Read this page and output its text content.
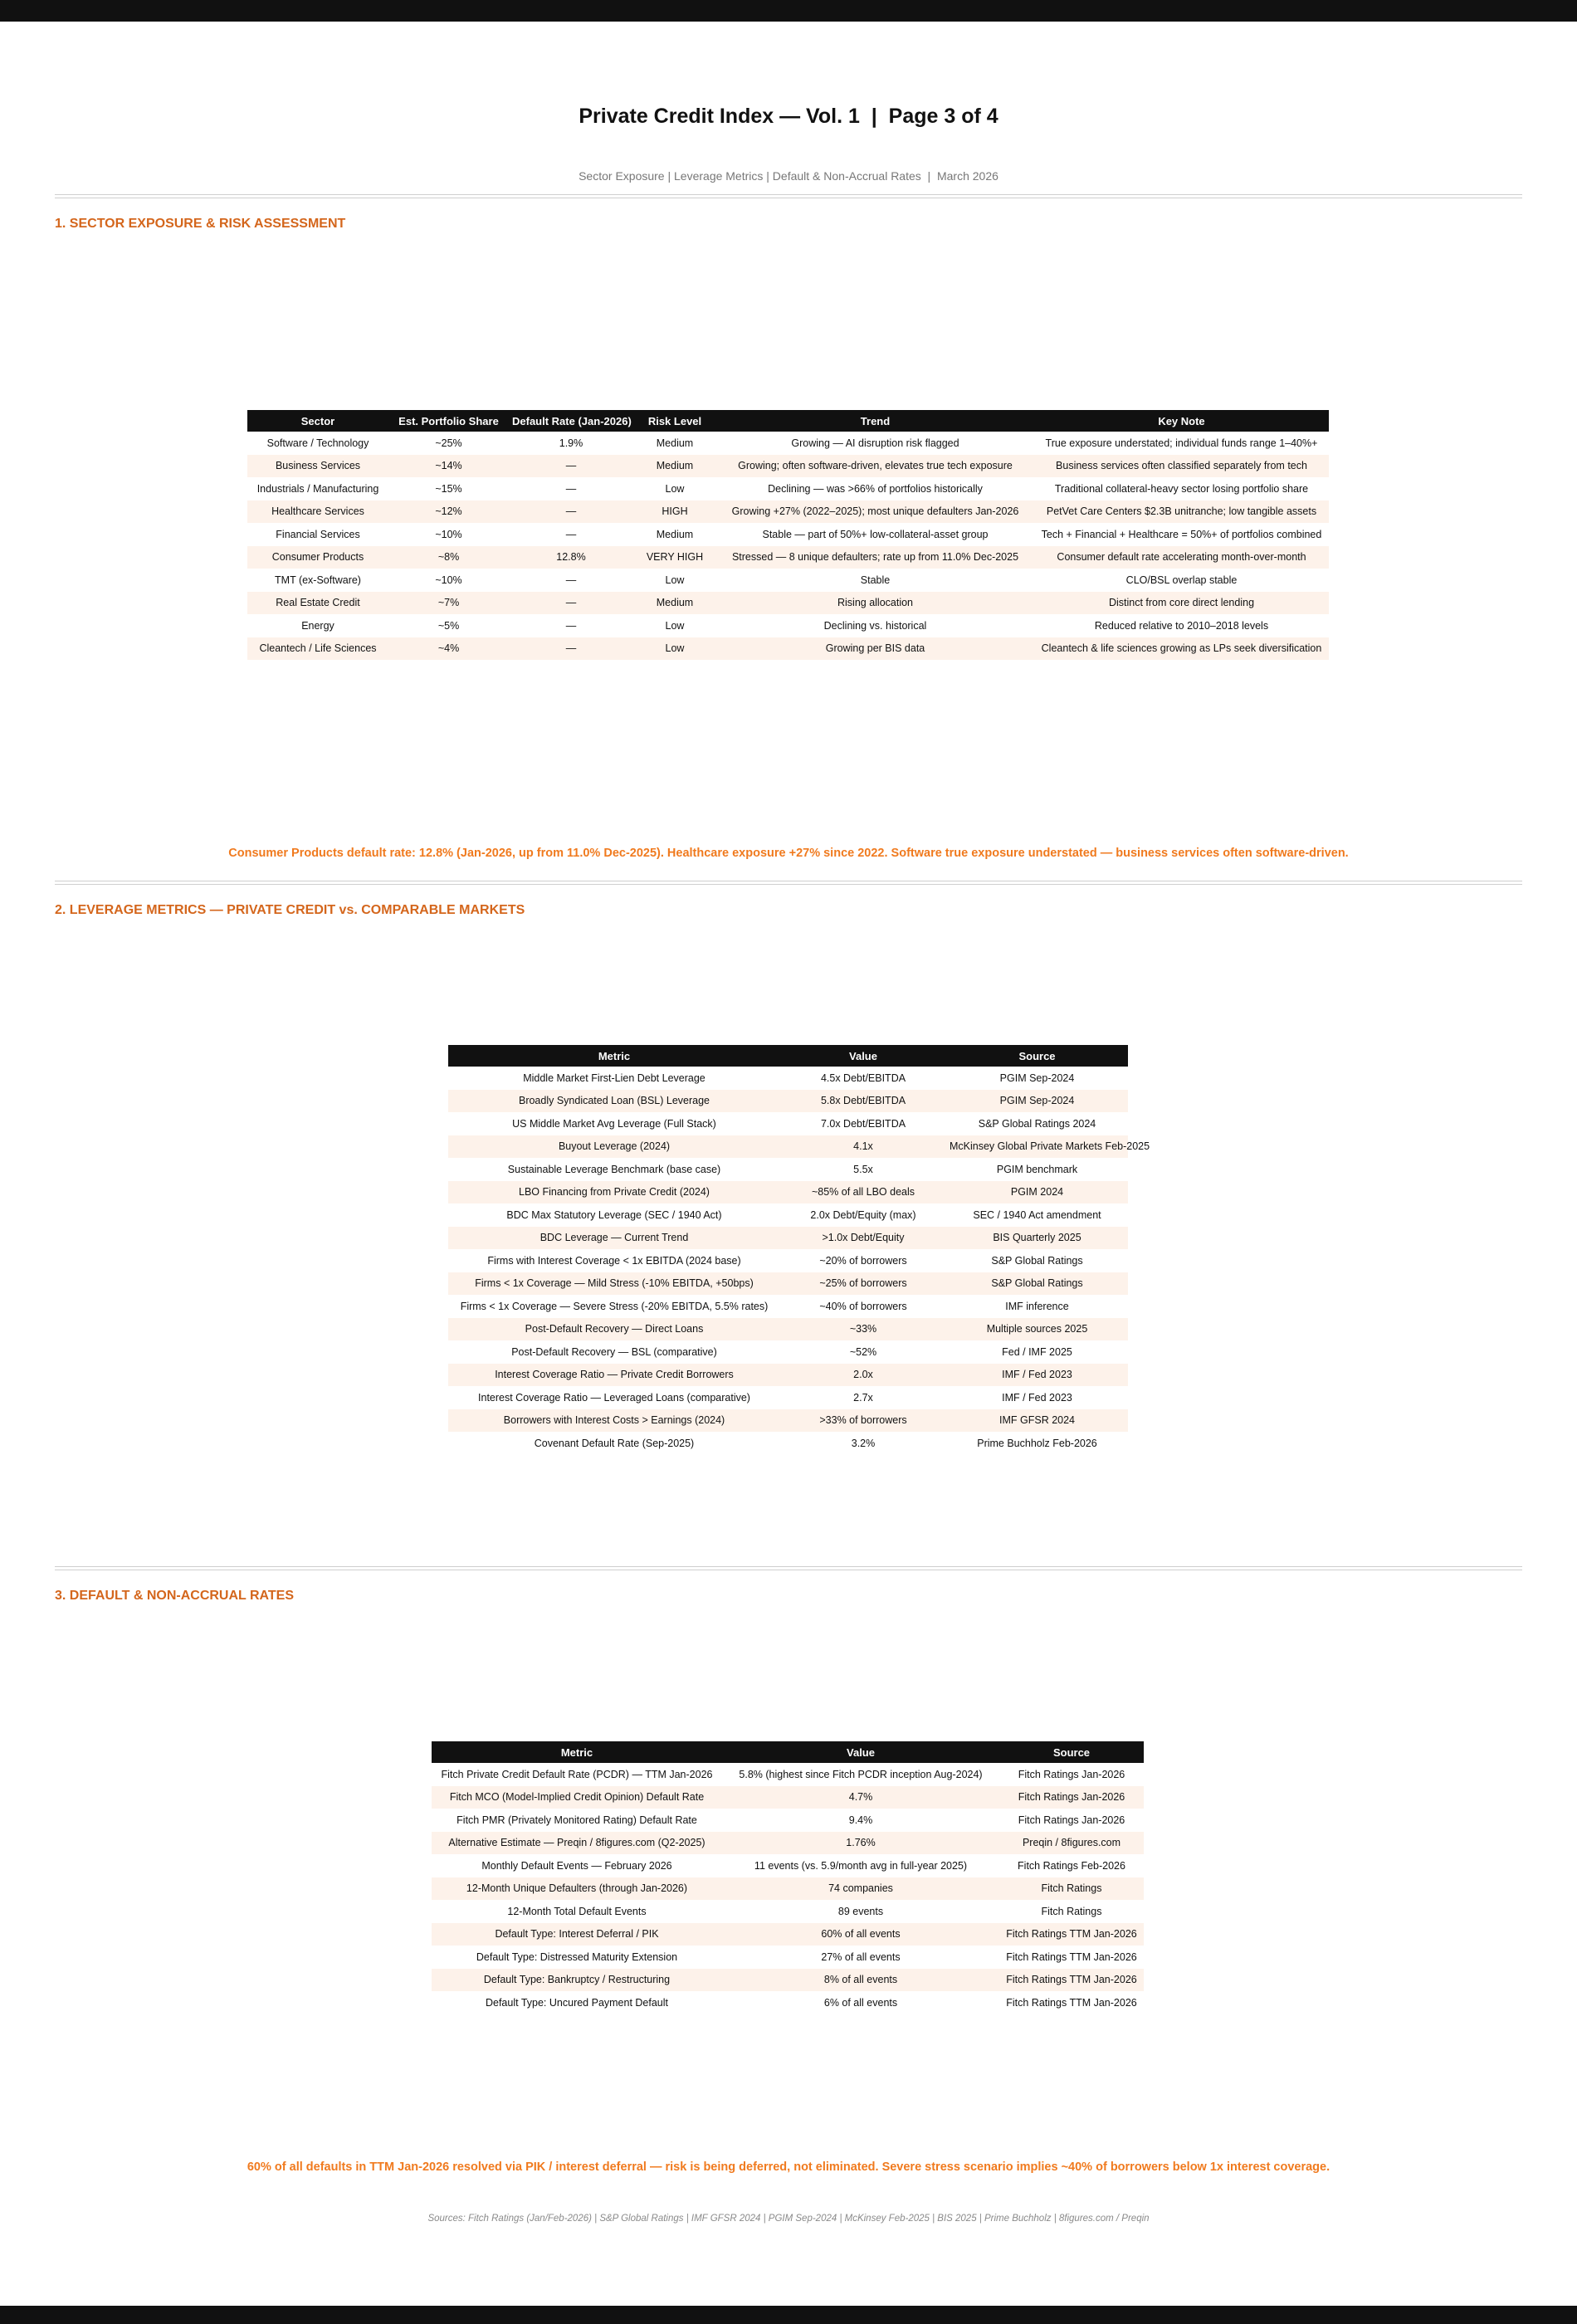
Private Credit Index — Vol. 1  |  Page 3 of 4
Sector Exposure | Leverage Metrics | Default & Non-Accrual Rates  |  March 2026
1. SECTOR EXPOSURE & RISK ASSESSMENT
Sector	Est. Portfolio Share	Default Rate (Jan-2026)	Risk Level	Trend	Key Note
Software / Technology	~25%	1.9%	Medium	Growing — AI disruption risk flagged	True exposure understated; individual funds range 1–40%+
Business Services	~14%	—	Medium	Growing; often software-driven, elevates true tech exposure	Business services often classified separately from tech
Industrials / Manufacturing	~15%	—	Low	Declining — was >66% of portfolios historically	Traditional collateral-heavy sector losing portfolio share
Healthcare Services	~12%	—	HIGH	Growing +27% (2022–2025); most unique defaulters Jan-2026	PetVet Care Centers $2.3B unitranche; low tangible assets
Financial Services	~10%	—	Medium	Stable — part of 50%+ low-collateral-asset group	Tech + Financial + Healthcare = 50%+ of portfolios combined
Consumer Products	~8%	12.8%	VERY HIGH	Stressed — 8 unique defaulters; rate up from 11.0% Dec-2025	Consumer default rate accelerating month-over-month
TMT (ex-Software)	~10%	—	Low	Stable	CLO/BSL overlap stable
Real Estate Credit	~7%	—	Medium	Rising allocation	Distinct from core direct lending
Energy	~5%	—	Low	Declining vs. historical	Reduced relative to 2010–2018 levels
Cleantech / Life Sciences	~4%	—	Low	Growing per BIS data	Cleantech & life sciences growing as LPs seek diversification
Consumer Products default rate: 12.8% (Jan-2026, up from 11.0% Dec-2025). Healthcare exposure +27% since 2022. Software true exposure understated — business services often software-driven.
2. LEVERAGE METRICS — PRIVATE CREDIT vs. COMPARABLE MARKETS
Metric	Value	Source
Middle Market First-Lien Debt Leverage	4.5x Debt/EBITDA	PGIM Sep-2024
Broadly Syndicated Loan (BSL) Leverage	5.8x Debt/EBITDA	PGIM Sep-2024
US Middle Market Avg Leverage (Full Stack)	7.0x Debt/EBITDA	S&P Global Ratings 2024
Buyout Leverage (2024)	4.1x	McKinsey Global Private Markets Feb-2025
Sustainable Leverage Benchmark (base case)	5.5x	PGIM benchmark
LBO Financing from Private Credit (2024)	~85% of all LBO deals	PGIM 2024
BDC Max Statutory Leverage (SEC / 1940 Act)	2.0x Debt/Equity (max)	SEC / 1940 Act amendment
BDC Leverage — Current Trend	>1.0x Debt/Equity	BIS Quarterly 2025
Firms with Interest Coverage < 1x EBITDA (2024 base)	~20% of borrowers	S&P Global Ratings
Firms < 1x Coverage — Mild Stress (-10% EBITDA, +50bps)	~25% of borrowers	S&P Global Ratings
Firms < 1x Coverage — Severe Stress (-20% EBITDA, 5.5% rates)	~40% of borrowers	IMF inference
Post-Default Recovery — Direct Loans	~33%	Multiple sources 2025
Post-Default Recovery — BSL (comparative)	~52%	Fed / IMF 2025
Interest Coverage Ratio — Private Credit Borrowers	2.0x	IMF / Fed 2023
Interest Coverage Ratio — Leveraged Loans (comparative)	2.7x	IMF / Fed 2023
Borrowers with Interest Costs > Earnings (2024)	>33% of borrowers	IMF GFSR 2024
Covenant Default Rate (Sep-2025)	3.2%	Prime Buchholz Feb-2026
3. DEFAULT & NON-ACCRUAL RATES
Metric	Value	Source
Fitch Private Credit Default Rate (PCDR) — TTM Jan-2026	5.8% (highest since Fitch PCDR inception Aug-2024)	Fitch Ratings Jan-2026
Fitch MCO (Model-Implied Credit Opinion) Default Rate	4.7%	Fitch Ratings Jan-2026
Fitch PMR (Privately Monitored Rating) Default Rate	9.4%	Fitch Ratings Jan-2026
Alternative Estimate — Preqin / 8figures.com (Q2-2025)	1.76%	Preqin / 8figures.com
Monthly Default Events — February 2026	11 events (vs. 5.9/month avg in full-year 2025)	Fitch Ratings Feb-2026
12-Month Unique Defaulters (through Jan-2026)	74 companies	Fitch Ratings
12-Month Total Default Events	89 events	Fitch Ratings
Default Type: Interest Deferral / PIK	60% of all events	Fitch Ratings TTM Jan-2026
Default Type: Distressed Maturity Extension	27% of all events	Fitch Ratings TTM Jan-2026
Default Type: Bankruptcy / Restructuring	8% of all events	Fitch Ratings TTM Jan-2026
Default Type: Uncured Payment Default	6% of all events	Fitch Ratings TTM Jan-2026
60% of all defaults in TTM Jan-2026 resolved via PIK / interest deferral — risk is being deferred, not eliminated. Severe stress scenario implies ~40% of borrowers below 1x interest coverage.
Sources: Fitch Ratings (Jan/Feb-2026) | S&P Global Ratings | IMF GFSR 2024 | PGIM Sep-2024 | McKinsey Feb-2025 | BIS 2025 | Prime Buchholz | 8figures.com / Preqin
